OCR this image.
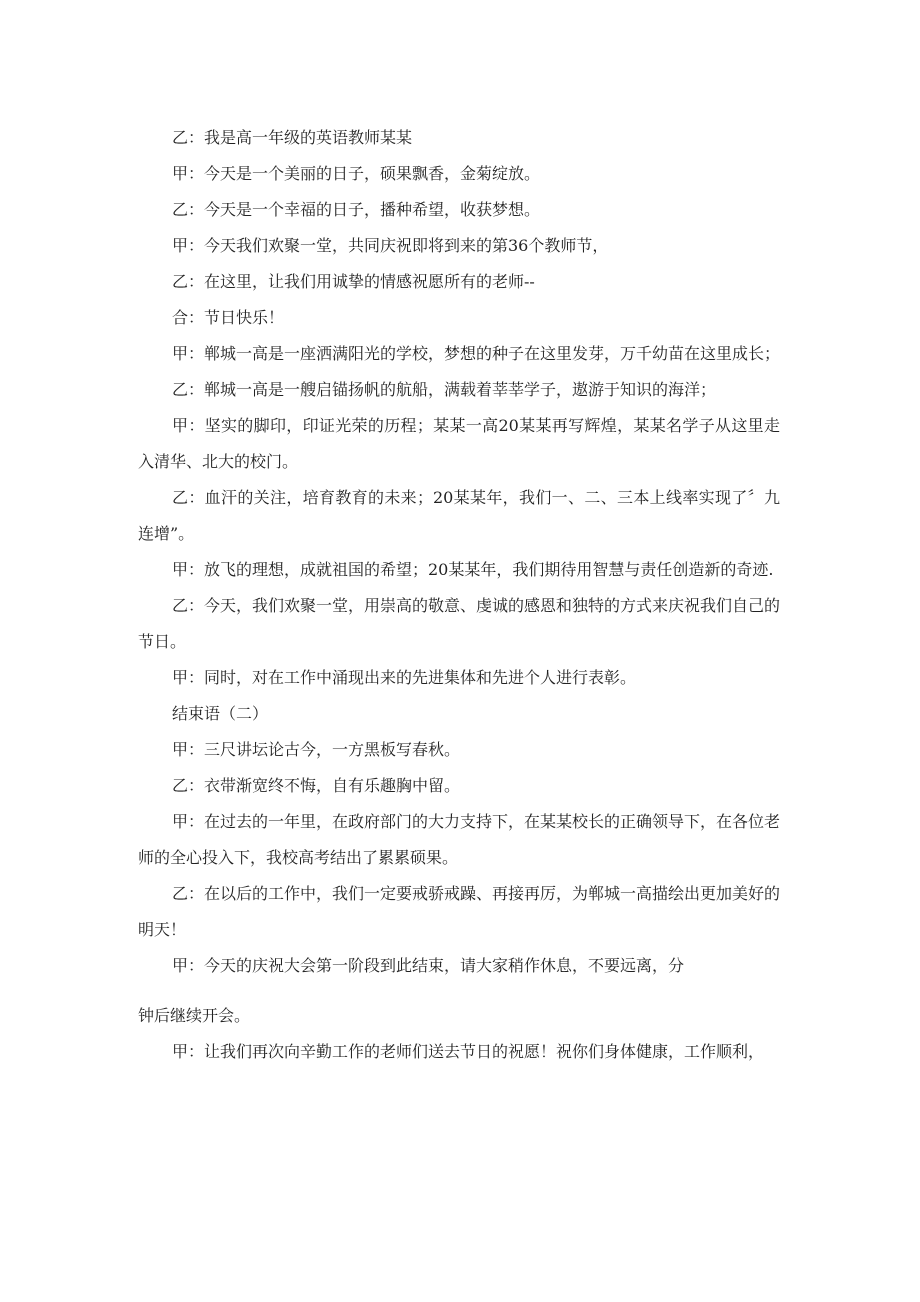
乙：我是高一年级的英语教师某某

甲：今天是一个美丽的日子，硕果飘香，金菊绽放。

乙：今天是一个幸福的日子，播种希望，收获梦想。

甲：今天我们欢聚一堂，共同庆祝即将到来的第36个教师节，

乙：在这里，让我们用诚挚的情感祝愿所有的老师--

合：节日快乐！

甲：郸城一高是一座洒满阳光的学校，梦想的种子在这里发芽，万千幼苗在这里成长；

乙：郸城一高是一艘启锚扬帆的航船，满载着莘莘学子，遨游于知识的海洋；

甲：坚实的脚印，印证光荣的历程；某某一高20某某再写辉煌，某某名学子从这里走入清华、北大的校门。

乙：血汗的关注，培育教育的未来；20某某年，我们一、二、三本上线率实现了〞九连增”。

甲：放飞的理想，成就祖国的希望；20某某年，我们期待用智慧与责任创造新的奇迹.

乙：今天，我们欢聚一堂，用崇高的敬意、虔诚的感恩和独特的方式来庆祝我们自己的节日。

甲：同时，对在工作中涌现出来的先进集体和先进个人进行表彰。

结束语（二）

甲：三尺讲坛论古今，一方黑板写春秋。

乙：衣带渐宽终不悔，自有乐趣胸中留。

甲：在过去的一年里，在政府部门的大力支持下，在某某校长的正确领导下，在各位老师的全心投入下，我校高考结出了累累硕果。

乙：在以后的工作中，我们一定要戒骄戒躁、再接再厉，为郸城一高描绘出更加美好的明天！

甲：今天的庆祝大会第一阶段到此结束，请大家稍作休息，不要远离，分

钟后继续开会。

甲：让我们再次向辛勤工作的老师们送去节日的祝愿！祝你们身体健康，工作顺利，
